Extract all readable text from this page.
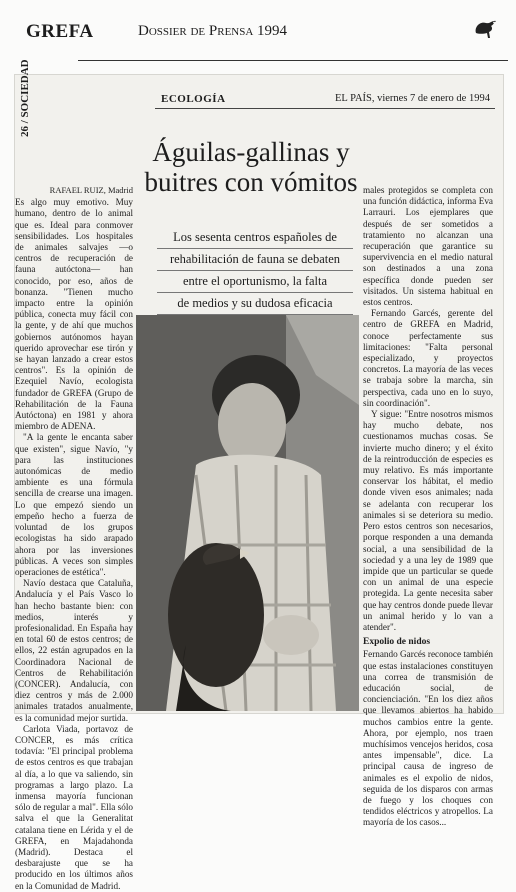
GREFA	Dossier de Prensa 1994
26 / SOCIEDAD	ECOLOGÍA	EL PAÍS, viernes 7 de enero de 1994
Águilas-gallinas y
buitres con vómitos
Los sesenta centros españoles de
rehabilitación de fauna se debaten
entre el oportunismo, la falta
de medios y su dudosa eficacia
RAFAEL RUIZ, Madrid

Es algo muy emotivo. Muy humano, dentro de lo animal que es. Ideal para conmover sensibilidades. Los hospitales de animales salvajes —o centros de recuperación de fauna autóctona— han conocido, por eso, años de bonanza. "Tienen mucho impacto entre la opinión pública, conecta muy fácil con la gente, y de ahí que muchos gobiernos autónomos hayan querido aprovechar ese tirón y se hayan lanzado a crear estos centros". Es la opinión de Ezequiel Navío, ecologista fundador de GREFA (Grupo de Rehabilitación de la Fauna Autóctona) en 1981 y ahora miembro de ADENA.

"A la gente le encanta saber que existen", sigue Navío, "y para las instituciones autonómicas de medio ambiente es una fórmula sencilla de crearse una imagen. Lo que empezó siendo un empeño hecho a fuerza de voluntad de los grupos ecologistas ha sido arapado ahora por las inversiones públicas. A veces son simples operaciones de estética".

Navío destaca que Cataluña, Andalucía y el País Vasco lo han hecho bastante bien: con medios, interés y profesionalidad. En España hay en total 60 de estos centros; de ellos, 22 están agrupados en la Coordinadora Nacional de Centros de Rehabilitación (CONCER). Andalucía, con diez centros y más de 2.000 animales tratados anualmente, es la comunidad mejor surtida.

Carlota Viada, portavoz de CONCER, es más crítica todavía: "El principal problema de estos centros es que trabajan al día, a lo que va saliendo, sin programas a largo plazo. La inmensa mayoría funcionan sólo de regular a mal". Ella sólo salva el que la Generalitat catalana tiene en Lérida y el de GREFA, en Majadahonda (Madrid). Destaca el desbarajuste que se ha producido en los últimos años en la Comunidad de Madrid.

males protegidos se completa con una función didáctica, informa Eva Larrauri. Los ejemplares que después de ser sometidos a tratamiento no alcanzan una recuperación que garantice su supervivencia en el medio natural son destinados a una zona específica donde pueden ser visitados. Un sistema habitual en estos centros.

Fernando Garcés, gerente del centro de GREFA en Madrid, conoce perfectamente sus limitaciones: "Falta personal especializado, y proyectos concretos. La mayoría de las veces se trabaja sobre la marcha, sin perspectiva, cada uno en lo suyo, sin coordinación".

Y sigue: "Entre nosotros mismos hay mucho debate, nos cuestionamos muchas cosas. Se invierte mucho dinero; y el éxito de la reintroducción de especies es muy relativo. Es más importante conservar los hábitat, el medio donde viven esos animales; nada se adelanta con recuperar los animales si se deteriora su medio. Pero estos centros son necesarios, porque responden a una demanda social, a una sensibilidad de la sociedad y a una ley de 1989 que impide que un particular se quede con un animal de una especie protegida. La gente necesita saber que hay centros donde puede llevar un animal herido y lo van a atender".

Expolio de nidos

Fernando Garcés reconoce también que estas instalaciones constituyen una correa de transmisión de educación social, de concienciación. "En los diez años que llevamos abiertos ha habido muchos cambios entre la gente. Ahora, por ejemplo, nos traen muchísimos vencejos heridos, cosa antes impensable", dice. La principal causa de ingreso de animales es el expolio de nidos, seguida de los disparos con armas de fuego y los choques con tendidos eléctricos y atropellos. La mayoría de los casos...
